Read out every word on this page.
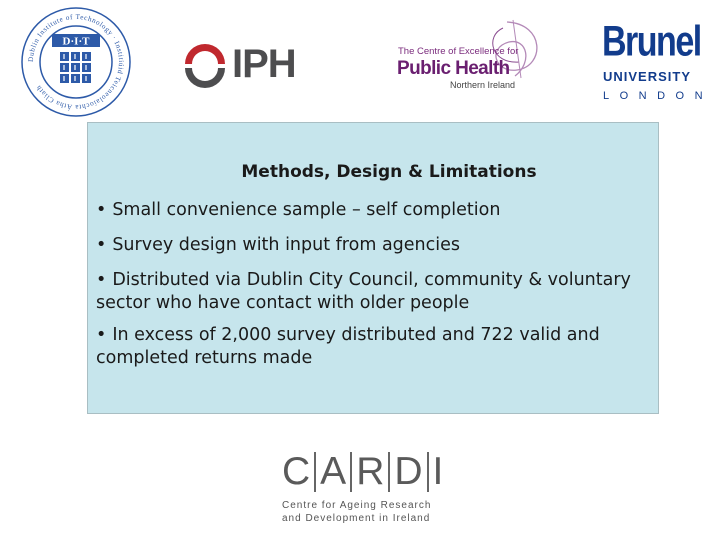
Dublin Institute of Technology · Institiúid Teicneolaíochta Átha Cliath
D·I·T
IPH	The Centre of Excellence for
Public Health
Northern Ireland
Brunel
UNIVERSITY
LONDON
Methods, Design & Limitations
• Small convenience sample – self completion
• Survey design with input from agencies
• Distributed via Dublin City Council, community & voluntary sector who have contact with older people
• In excess of 2,000 survey distributed and 722 valid and completed returns made
C A R D I
Centre for Ageing Research
and Development in Ireland
